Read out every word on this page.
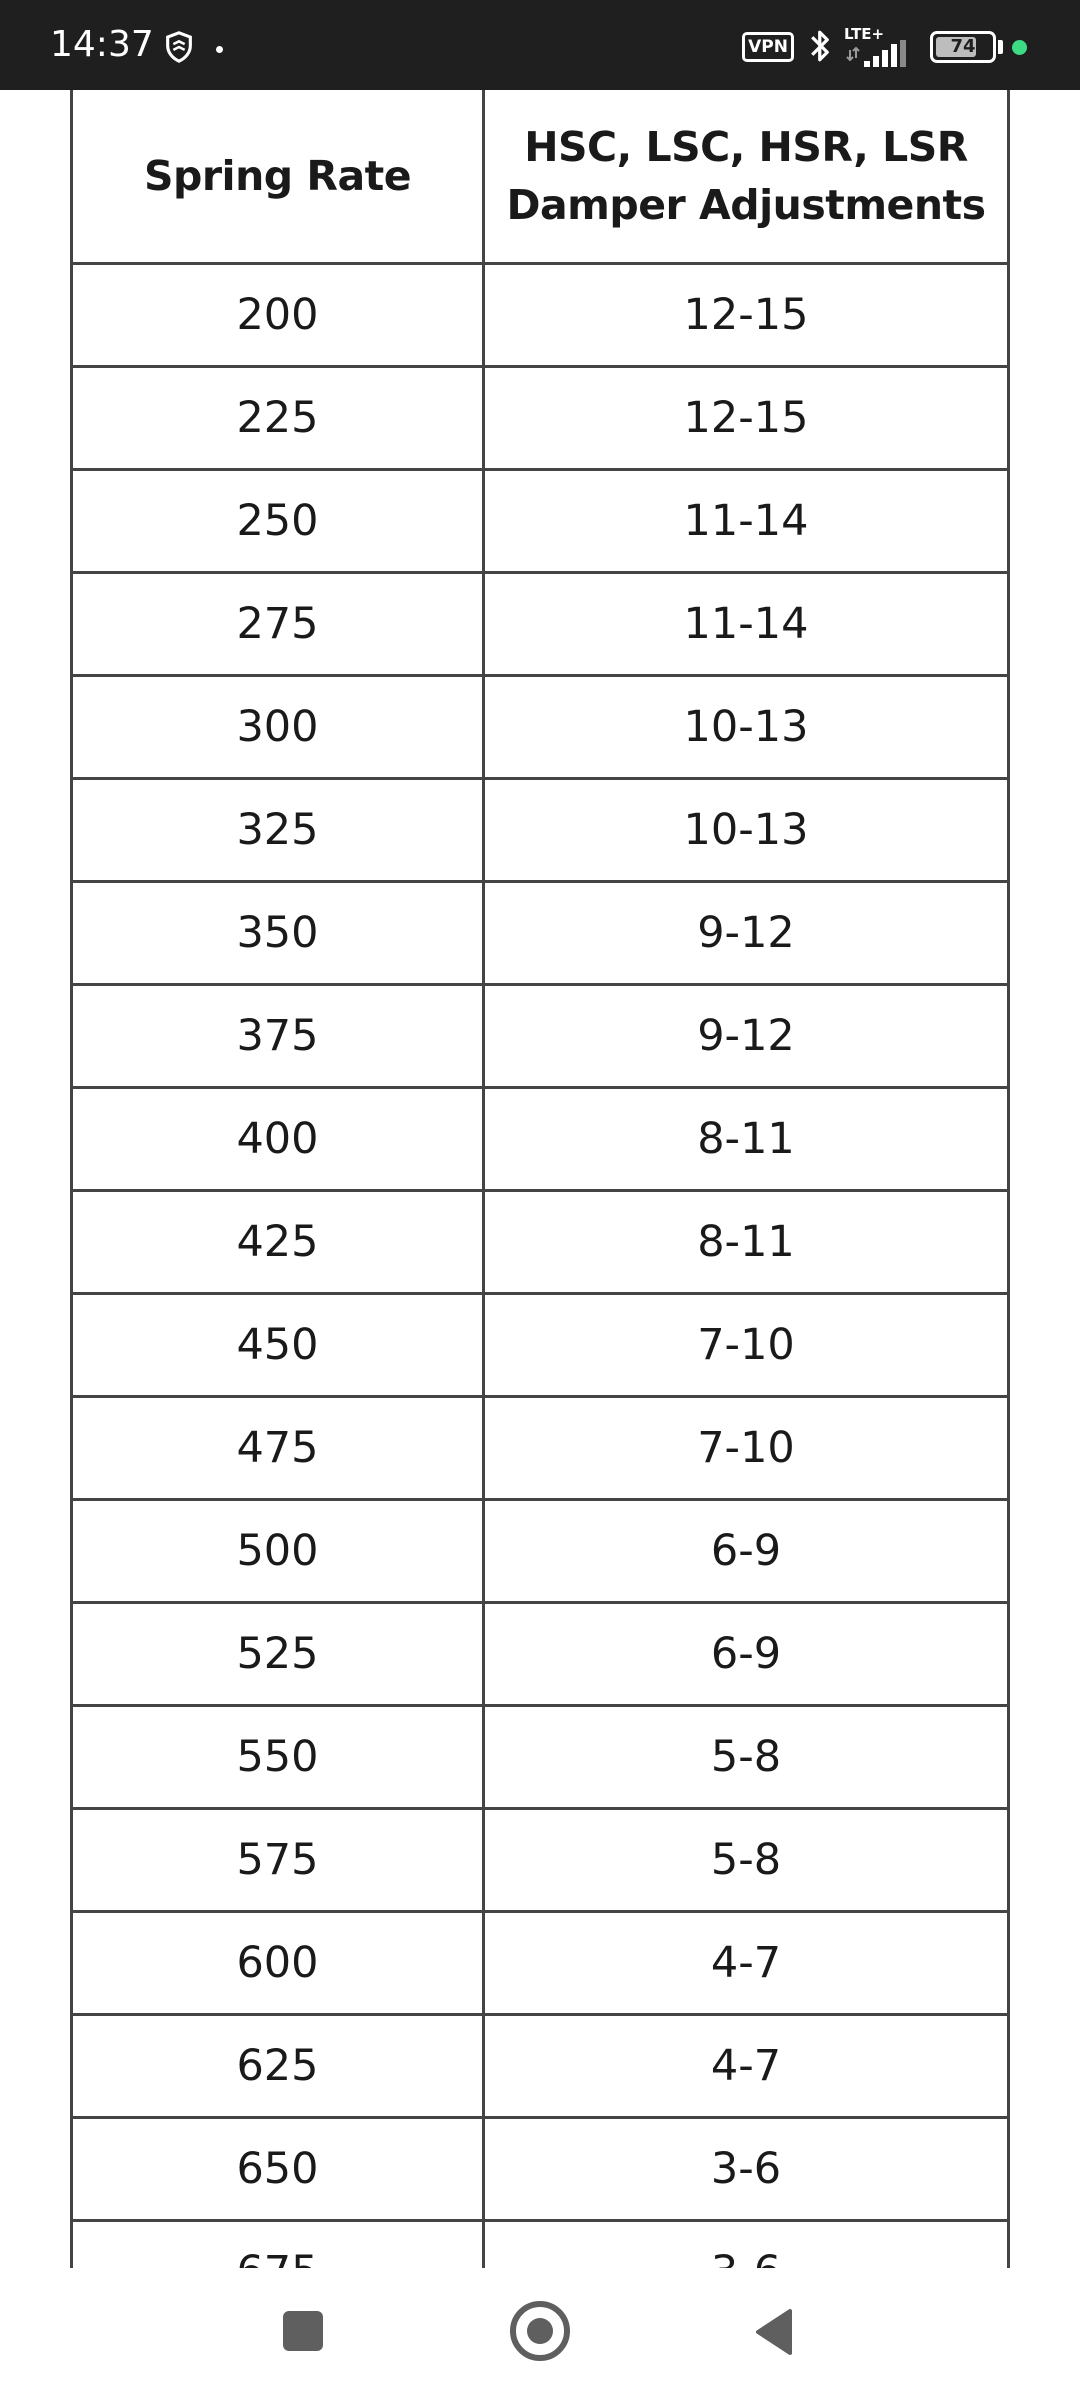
14:37	VPN
LTE+
74
Spring Rate	HSC, LSC, HSR, LSR
Damper Adjustments
200	12-15
225	12-15
250	11-14
275	11-14
300	10-13
325	10-13
350	9-12
375	9-12
400	8-11
425	8-11
450	7-10
475	7-10
500	6-9
525	6-9
550	5-8
575	5-8
600	4-7
625	4-7
650	3-6
